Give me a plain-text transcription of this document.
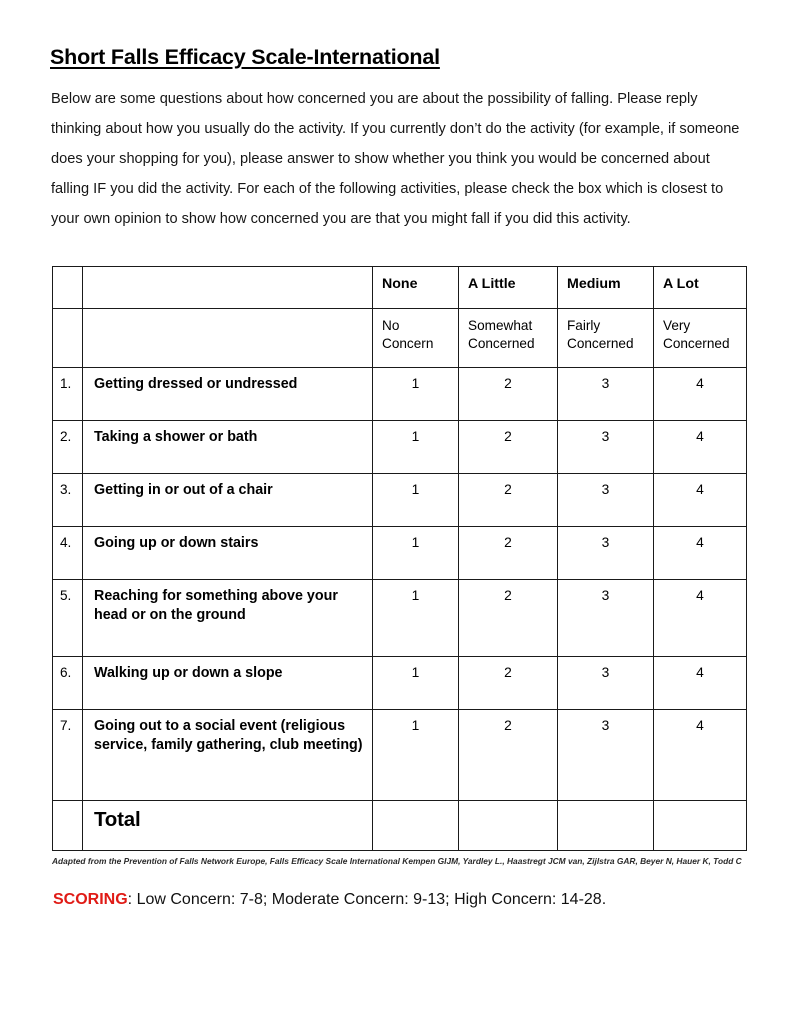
Short Falls Efficacy Scale-International

Below are some questions about how concerned you are about the possibility of falling. Please reply thinking about how you usually do the activity. If you currently don’t do the activity (for example, if someone does your shopping for you), please answer to show whether you think you would be concerned about falling IF you did the activity. For each of the following activities, please check the box which is closest to your own opinion to show how concerned you are that you might fall if you did this activity.

		None	A Little	Medium	A Lot
		No Concern	Somewhat Concerned	Fairly Concerned	Very Concerned
1.	Getting dressed or undressed	1	2	3	4
2.	Taking a shower or bath	1	2	3	4
3.	Getting in or out of a chair	1	2	3	4
4.	Going up or down stairs	1	2	3	4
5.	Reaching for something above your head or on the ground	1	2	3	4
6.	Walking up or down a slope	1	2	3	4
7.	Going out to a social event (religious service, family gathering, club meeting)	1	2	3	4
	Total				
Adapted from the Prevention of Falls Network Europe, Falls Efficacy Scale International Kempen GIJM, Yardley L., Haastregt JCM van, Zijlstra GAR, Beyer N, Hauer K, Todd C
SCORING: Low Concern: 7-8; Moderate Concern: 9-13; High Concern: 14-28.
